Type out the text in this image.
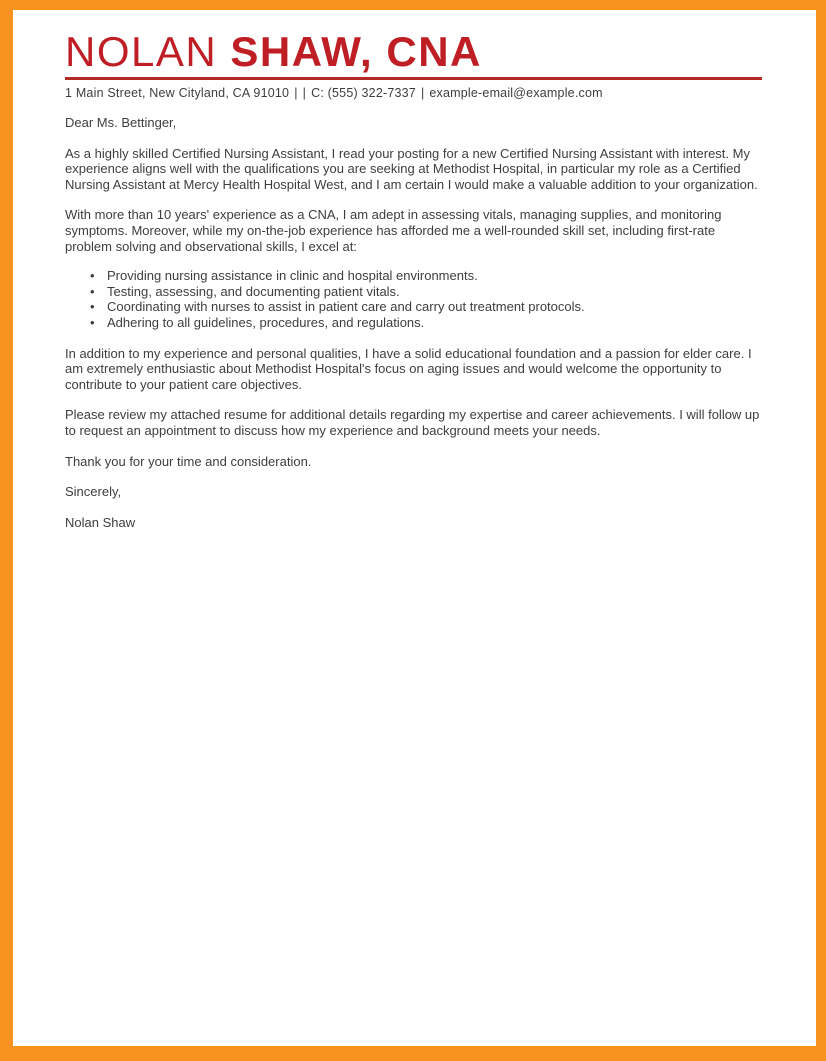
NOLAN SHAW, CNA
1 Main Street, New Cityland, CA 91010 | | C: (555) 322-7337 | example-email@example.com

Dear Ms. Bettinger,

As a highly skilled Certified Nursing Assistant, I read your posting for a new Certified Nursing Assistant with interest. My experience aligns well with the qualifications you are seeking at Methodist Hospital, in particular my role as a Certified Nursing Assistant at Mercy Health Hospital West, and I am certain I would make a valuable addition to your organization.

With more than 10 years' experience as a CNA, I am adept in assessing vitals, managing supplies, and monitoring symptoms. Moreover, while my on-the-job experience has afforded me a well-rounded skill set, including first-rate problem solving and observational skills, I excel at:

• Providing nursing assistance in clinic and hospital environments.
• Testing, assessing, and documenting patient vitals.
• Coordinating with nurses to assist in patient care and carry out treatment protocols.
• Adhering to all guidelines, procedures, and regulations.

In addition to my experience and personal qualities, I have a solid educational foundation and a passion for elder care. I am extremely enthusiastic about Methodist Hospital's focus on aging issues and would welcome the opportunity to contribute to your patient care objectives.

Please review my attached resume for additional details regarding my expertise and career achievements. I will follow up to request an appointment to discuss how my experience and background meets your needs.

Thank you for your time and consideration.

Sincerely,

Nolan Shaw
